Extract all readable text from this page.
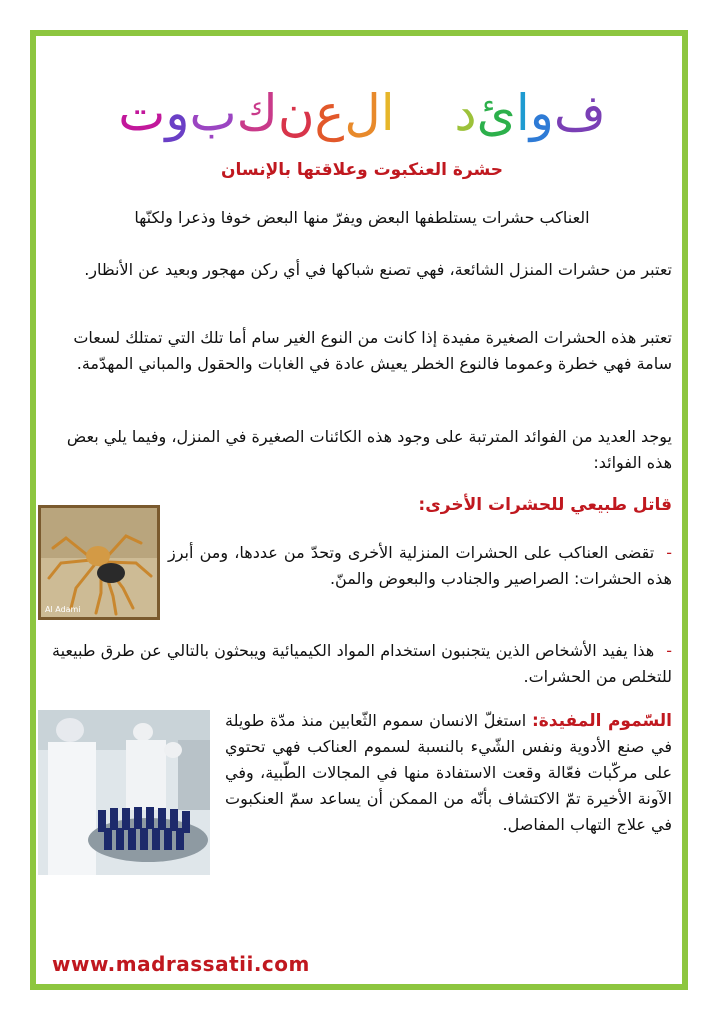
فوائد  العنكبوت
حشرة العنكبوت وعلاقتها بالإنسان
العناكب حشرات يستلطفها البعض ويفرّ منها البعض خوفا وذعرا ولكنّها
تعتبر من حشرات المنزل الشائعة، فهي تصنع شباكها في أي ركن مهجور وبعيد عن الأنظار.
تعتبر هذه الحشرات الصغيرة مفيدة إذا كانت من النوع الغير سام أما تلك التي تمتلك لسعات سامة فهي خطرة وعموما فالنوع الخطر يعيش عادة في الغابات والحقول والمباني المهدّمة.
يوجد العديد من الفوائد المترتبة على وجود هذه الكائنات الصغيرة في المنزل، وفيما يلي بعض هذه الفوائد:
قاتل طبيعي للحشرات الأخرى:
Al Adami
-تقضى العناكب على الحشرات المنزلية الأخرى وتحدّ من عددها، ومن أبرز هذه الحشرات: الصراصير والجنادب والبعوض والمنّ.
-هذا يفيد الأشخاص الذين يتجنبون استخدام المواد الكيميائية ويبحثون بالتالي عن طرق طبيعية للتخلص من الحشرات.
السّموم المفيدة: استغلّ الانسان سموم الثّعابين منذ مدّة طويلة في صنع الأدوية ونفس الشّيء بالنسبة لسموم العناكب فهي تحتوي على مركّبات فعّالة وقعت الاستفادة منها في المجالات الطّبية، وفي الآونة الأخيرة تمّ الاكتشاف بأنّه من الممكن أن يساعد سمّ العنكبوت في علاج التهاب المفاصل.
www.madrassatii.com
